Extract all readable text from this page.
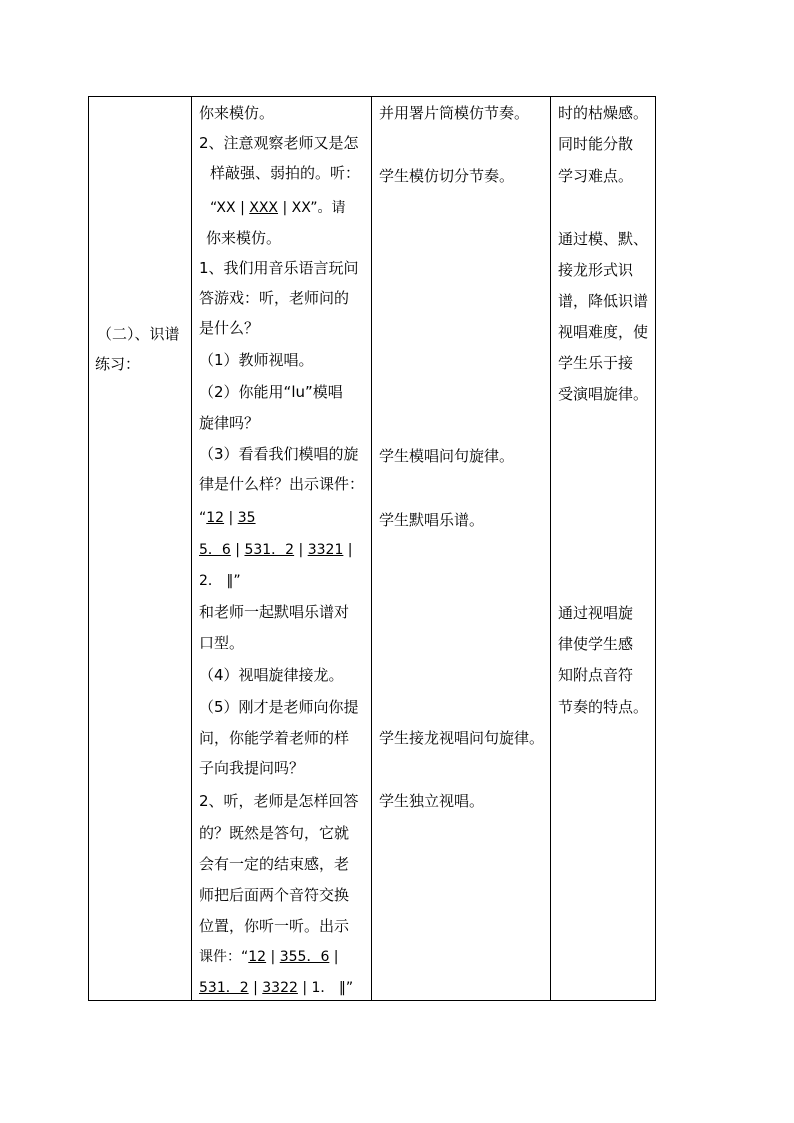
（二）、识谱
练习：
你来模仿。
2、注意观察老师又是怎
样敲强、弱拍的。听：
“XX | XXX | XX”。请
你来模仿。
1、我们用音乐语言玩问
答游戏：听，老师问的
是什么？
（1）教师视唱。
（2）你能用“lu”模唱
旋律吗？
（3）看看我们模唱的旋
律是什么样？出示课件：
“12 | 35
5．6 | 531．2 | 3321 |
2． ‖”
和老师一起默唱乐谱对
口型。
（4）视唱旋律接龙。
（5）刚才是老师向你提
问，你能学着老师的样
子向我提问吗？
2、听，老师是怎样回答
的？既然是答句，它就
会有一定的结束感，老
师把后面两个音符交换
位置，你听一听。出示
课件：“12 | 355．6 |
531．2 | 3322 | 1． ‖”
并用署片筒模仿节奏。
学生模仿切分节奏。
学生模唱问句旋律。
学生默唱乐谱。
学生接龙视唱问句旋律。
学生独立视唱。
时的枯燥感。
同时能分散
学习难点。
通过模、默、
接龙形式识
谱，降低识谱
视唱难度，使
学生乐于接
受演唱旋律。
通过视唱旋
律使学生感
知附点音符
节奏的特点。
